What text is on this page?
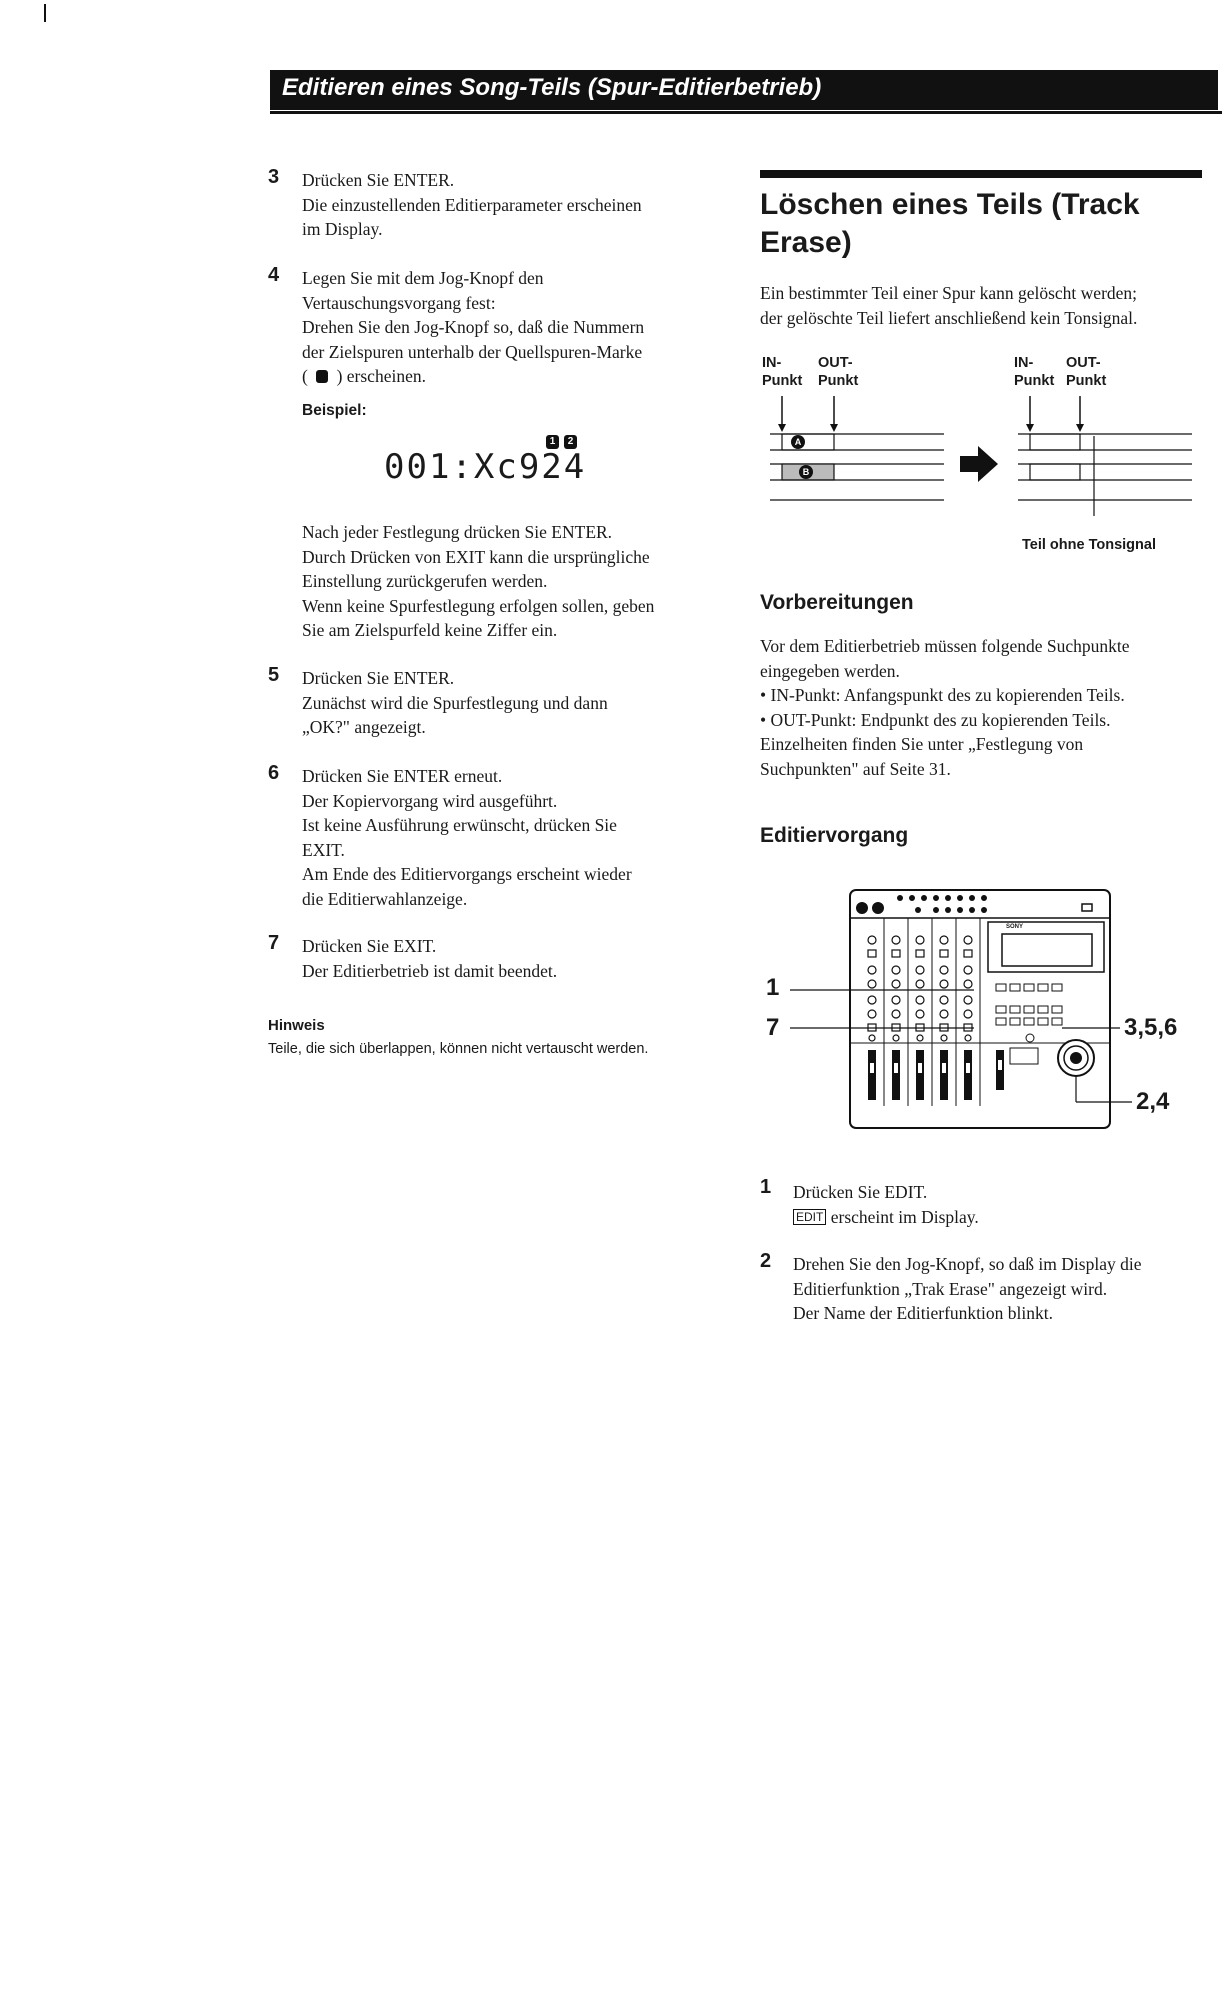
Editieren eines Song-Teils (Spur-Editierbetrieb)
3 Drücken Sie ENTER.
Die einzustellenden Editierparameter erscheinen
im Display.
4 Legen Sie mit dem Jog-Knopf den
Vertauschungsvorgang fest:
Drehen Sie den Jog-Knopf so, daß die Nummern
der Zielspuren unterhalb der Quellspuren-Marke
( ) erscheinen.
Beispiel:
1	2
001:Xc924
Nach jeder Festlegung drücken Sie ENTER.
Durch Drücken von EXIT kann die ursprüngliche
Einstellung zurückgerufen werden.
Wenn keine Spurfestlegung erfolgen sollen, geben
Sie am Zielspurfeld keine Ziffer ein.
5 Drücken Sie ENTER.
Zunächst wird die Spurfestlegung und dann
„OK?" angezeigt.
6 Drücken Sie ENTER erneut.
Der Kopiervorgang wird ausgeführt.
Ist keine Ausführung erwünscht, drücken Sie
EXIT.
Am Ende des Editiervorgangs erscheint wieder
die Editierwahlanzeige.
7 Drücken Sie EXIT.
Der Editierbetrieb ist damit beendet.
Hinweis
Teile, die sich überlappen, können nicht vertauscht werden.
Löschen eines Teils (Track
Erase)
Ein bestimmter Teil einer Spur kann gelöscht werden;
der gelöschte Teil liefert anschließend kein Tonsignal.
IN-
Punkt
OUT-
Punkt
IN-
Punkt
OUT-
Punkt
A
B
Teil ohne Tonsignal
Vorbereitungen
Vor dem Editierbetrieb müssen folgende Suchpunkte
eingegeben werden.
• IN-Punkt: Anfangspunkt des zu kopierenden Teils.
• OUT-Punkt: Endpunkt des zu kopierenden Teils.
Einzelheiten finden Sie unter „Festlegung von
Suchpunkten" auf Seite 31.
Editiervorgang
SONY
1
7	3,5,6
2,4
1 Drücken Sie EDIT.
EDIT erscheint im Display.
2 Drehen Sie den Jog-Knopf, so daß im Display die
Editierfunktion „Trak Erase" angezeigt wird.
Der Name der Editierfunktion blinkt.
